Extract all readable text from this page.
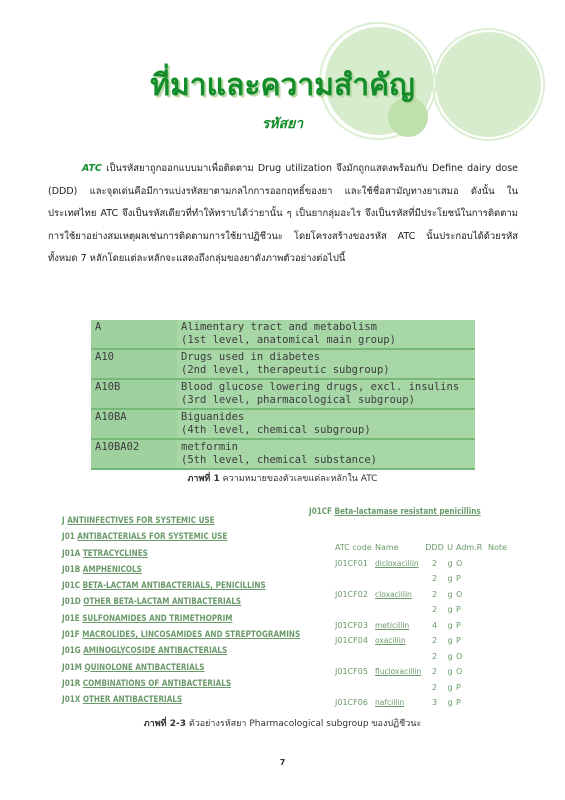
ที่มาและความสำคัญ
รหัสยา
ATC เป็นรหัสยาถูกออกแบบมาเพื่อติดตาม Drug utilization จึงมักถูกแสดงพร้อมกับ Define dairy dose (DDD) และจุดเด่นคือมีการแบ่งรหัสยาตามกลไกการออกฤทธิ์ของยา และใช้ชื่อสามัญทางยาเสมอ ดังนั้น ในประเทศไทย ATC จึงเป็นรหัสเดียวที่ทำให้ทราบได้ว่ายานั้น ๆ เป็นยากลุ่มอะไร จึงเป็นรหัสที่มีประโยชน์ในการติดตามการใช้ยาอย่างสมเหตุผลเช่นการติดตามการใช้ยาปฏิชีวนะ โดยโครงสร้างของรหัส ATC นั้นประกอบได้ด้วยรหัสทั้งหมด 7 หลักโดยแต่ละหลักจะแสดงถึงกลุ่มของยาดังภาพตัวอย่างต่อไปนี้
A	Alimentary tract and metabolism
(1st level, anatomical main group)

A10	Drugs used in diabetes
(2nd level, therapeutic subgroup)

A10B	Blood glucose lowering drugs, excl. insulins
(3rd level, pharmacological subgroup)

A10BA	Biguanides
(4th level, chemical subgroup)

A10BA02	metformin
(5th level, chemical substance)
ภาพที่ 1 ความหมายของตัวเลขแต่ละหลักใน ATC
J ANTIINFECTIVES FOR SYSTEMIC USE
J01 ANTIBACTERIALS FOR SYSTEMIC USE
J01A TETRACYCLINES
J01B AMPHENICOLS
J01C BETA-LACTAM ANTIBACTERIALS, PENICILLINS
J01D OTHER BETA-LACTAM ANTIBACTERIALS
J01E SULFONAMIDES AND TRIMETHOPRIM
J01F MACROLIDES, LINCOSAMIDES AND STREPTOGRAMINS
J01G AMINOGLYCOSIDE ANTIBACTERIALS
J01M QUINOLONE ANTIBACTERIALS
J01R COMBINATIONS OF ANTIBACTERIALS
J01X OTHER ANTIBACTERIALS
J01CF Beta-lactamase resistant penicillins
ATC code	Name	DDD	U	Adm.R	Note
J01CF01	dicloxacillin	2	g	O	
		2	g	P	
J01CF02	cloxacillin	2	g	O	
		2	g	P	
J01CF03	meticillin	4	g	P	
J01CF04	oxacillin	2	g	P	
		2	g	O	
J01CF05	flucloxacillin	2	g	O	
		2	g	P	
J01CF06	nafcillin	3	g	P	
ภาพที่ 2-3 ตัวอย่างรหัสยา Pharmacological subgroup ของปฏิชีวนะ
7
